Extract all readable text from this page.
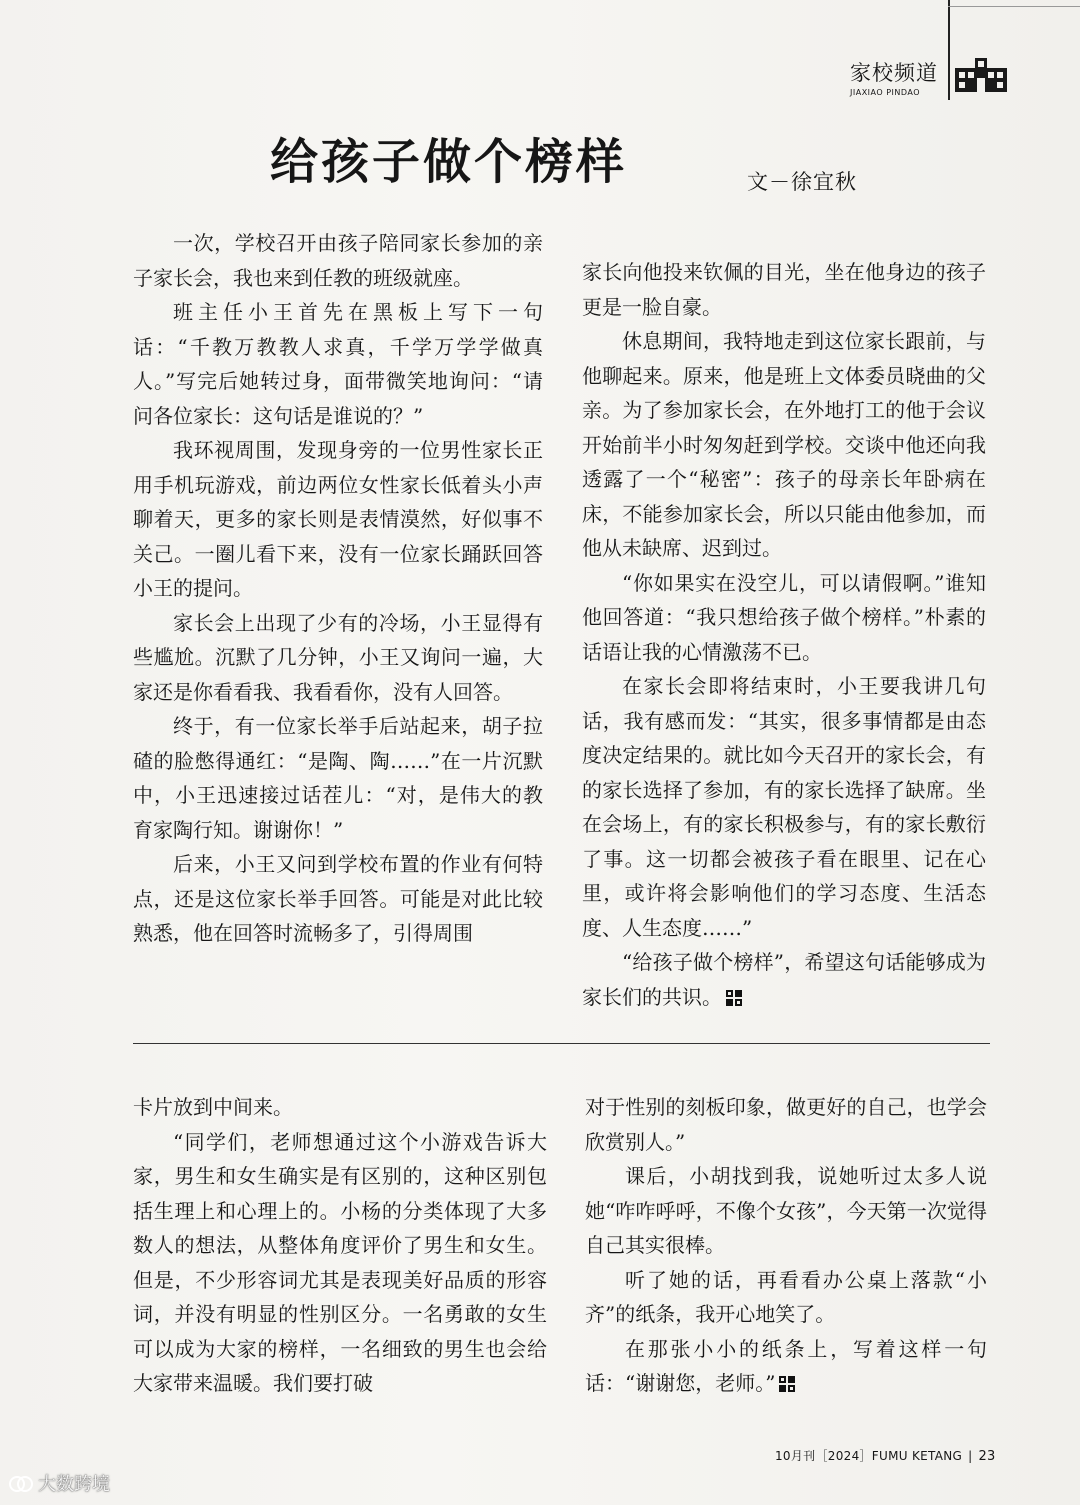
家校频道
JIAXIAO PINDAO
给孩子做个榜样	文－徐宜秋

一次，学校召开由孩子陪同家长参加的亲子家长会，我也来到任教的班级就座。

班主任小王首先在黑板上写下一句话：“千教万教教人求真，千学万学学做真人。”写完后她转过身，面带微笑地询问：“请问各位家长：这句话是谁说的？”

我环视周围，发现身旁的一位男性家长正用手机玩游戏，前边两位女性家长低着头小声聊着天，更多的家长则是表情漠然，好似事不关己。一圈儿看下来，没有一位家长踊跃回答小王的提问。

家长会上出现了少有的冷场，小王显得有些尴尬。沉默了几分钟，小王又询问一遍，大家还是你看看我、我看看你，没有人回答。

终于，有一位家长举手后站起来，胡子拉碴的脸憋得通红：“是陶、陶……”在一片沉默中，小王迅速接过话茬儿：“对，是伟大的教育家陶行知。谢谢你！”

后来，小王又问到学校布置的作业有何特点，还是这位家长举手回答。可能是对此比较熟悉，他在回答时流畅多了，引得周围

家长向他投来钦佩的目光，坐在他身边的孩子更是一脸自豪。

休息期间，我特地走到这位家长跟前，与他聊起来。原来，他是班上文体委员晓曲的父亲。为了参加家长会，在外地打工的他于会议开始前半小时匆匆赶到学校。交谈中他还向我透露了一个“秘密”：孩子的母亲长年卧病在床，不能参加家长会，所以只能由他参加，而他从未缺席、迟到过。

“你如果实在没空儿，可以请假啊。”谁知他回答道：“我只想给孩子做个榜样。”朴素的话语让我的心情激荡不已。

在家长会即将结束时，小王要我讲几句话，我有感而发：“其实，很多事情都是由态度决定结果的。就比如今天召开的家长会，有的家长选择了参加，有的家长选择了缺席。坐在会场上，有的家长积极参与，有的家长敷衍了事。这一切都会被孩子看在眼里、记在心里，或许将会影响他们的学习态度、生活态度、人生态度……”

“给孩子做个榜样”，希望这句话能够成为家长们的共识。

卡片放到中间来。

“同学们，老师想通过这个小游戏告诉大家，男生和女生确实是有区别的，这种区别包括生理上和心理上的。小杨的分类体现了大多数人的想法，从整体角度评价了男生和女生。但是，不少形容词尤其是表现美好品质的形容词，并没有明显的性别区分。一名勇敢的女生可以成为大家的榜样，一名细致的男生也会给大家带来温暖。我们要打破

对于性别的刻板印象，做更好的自己，也学会欣赏别人。”

课后，小胡找到我，说她听过太多人说她“咋咋呼呼，不像个女孩”，今天第一次觉得自己其实很棒。

听了她的话，再看看办公桌上落款“小齐”的纸条，我开心地笑了。

在那张小小的纸条上，写着这样一句话：“谢谢您，老师。”

10月刊［2024］FUMU KETANG | 23
大数跨境
